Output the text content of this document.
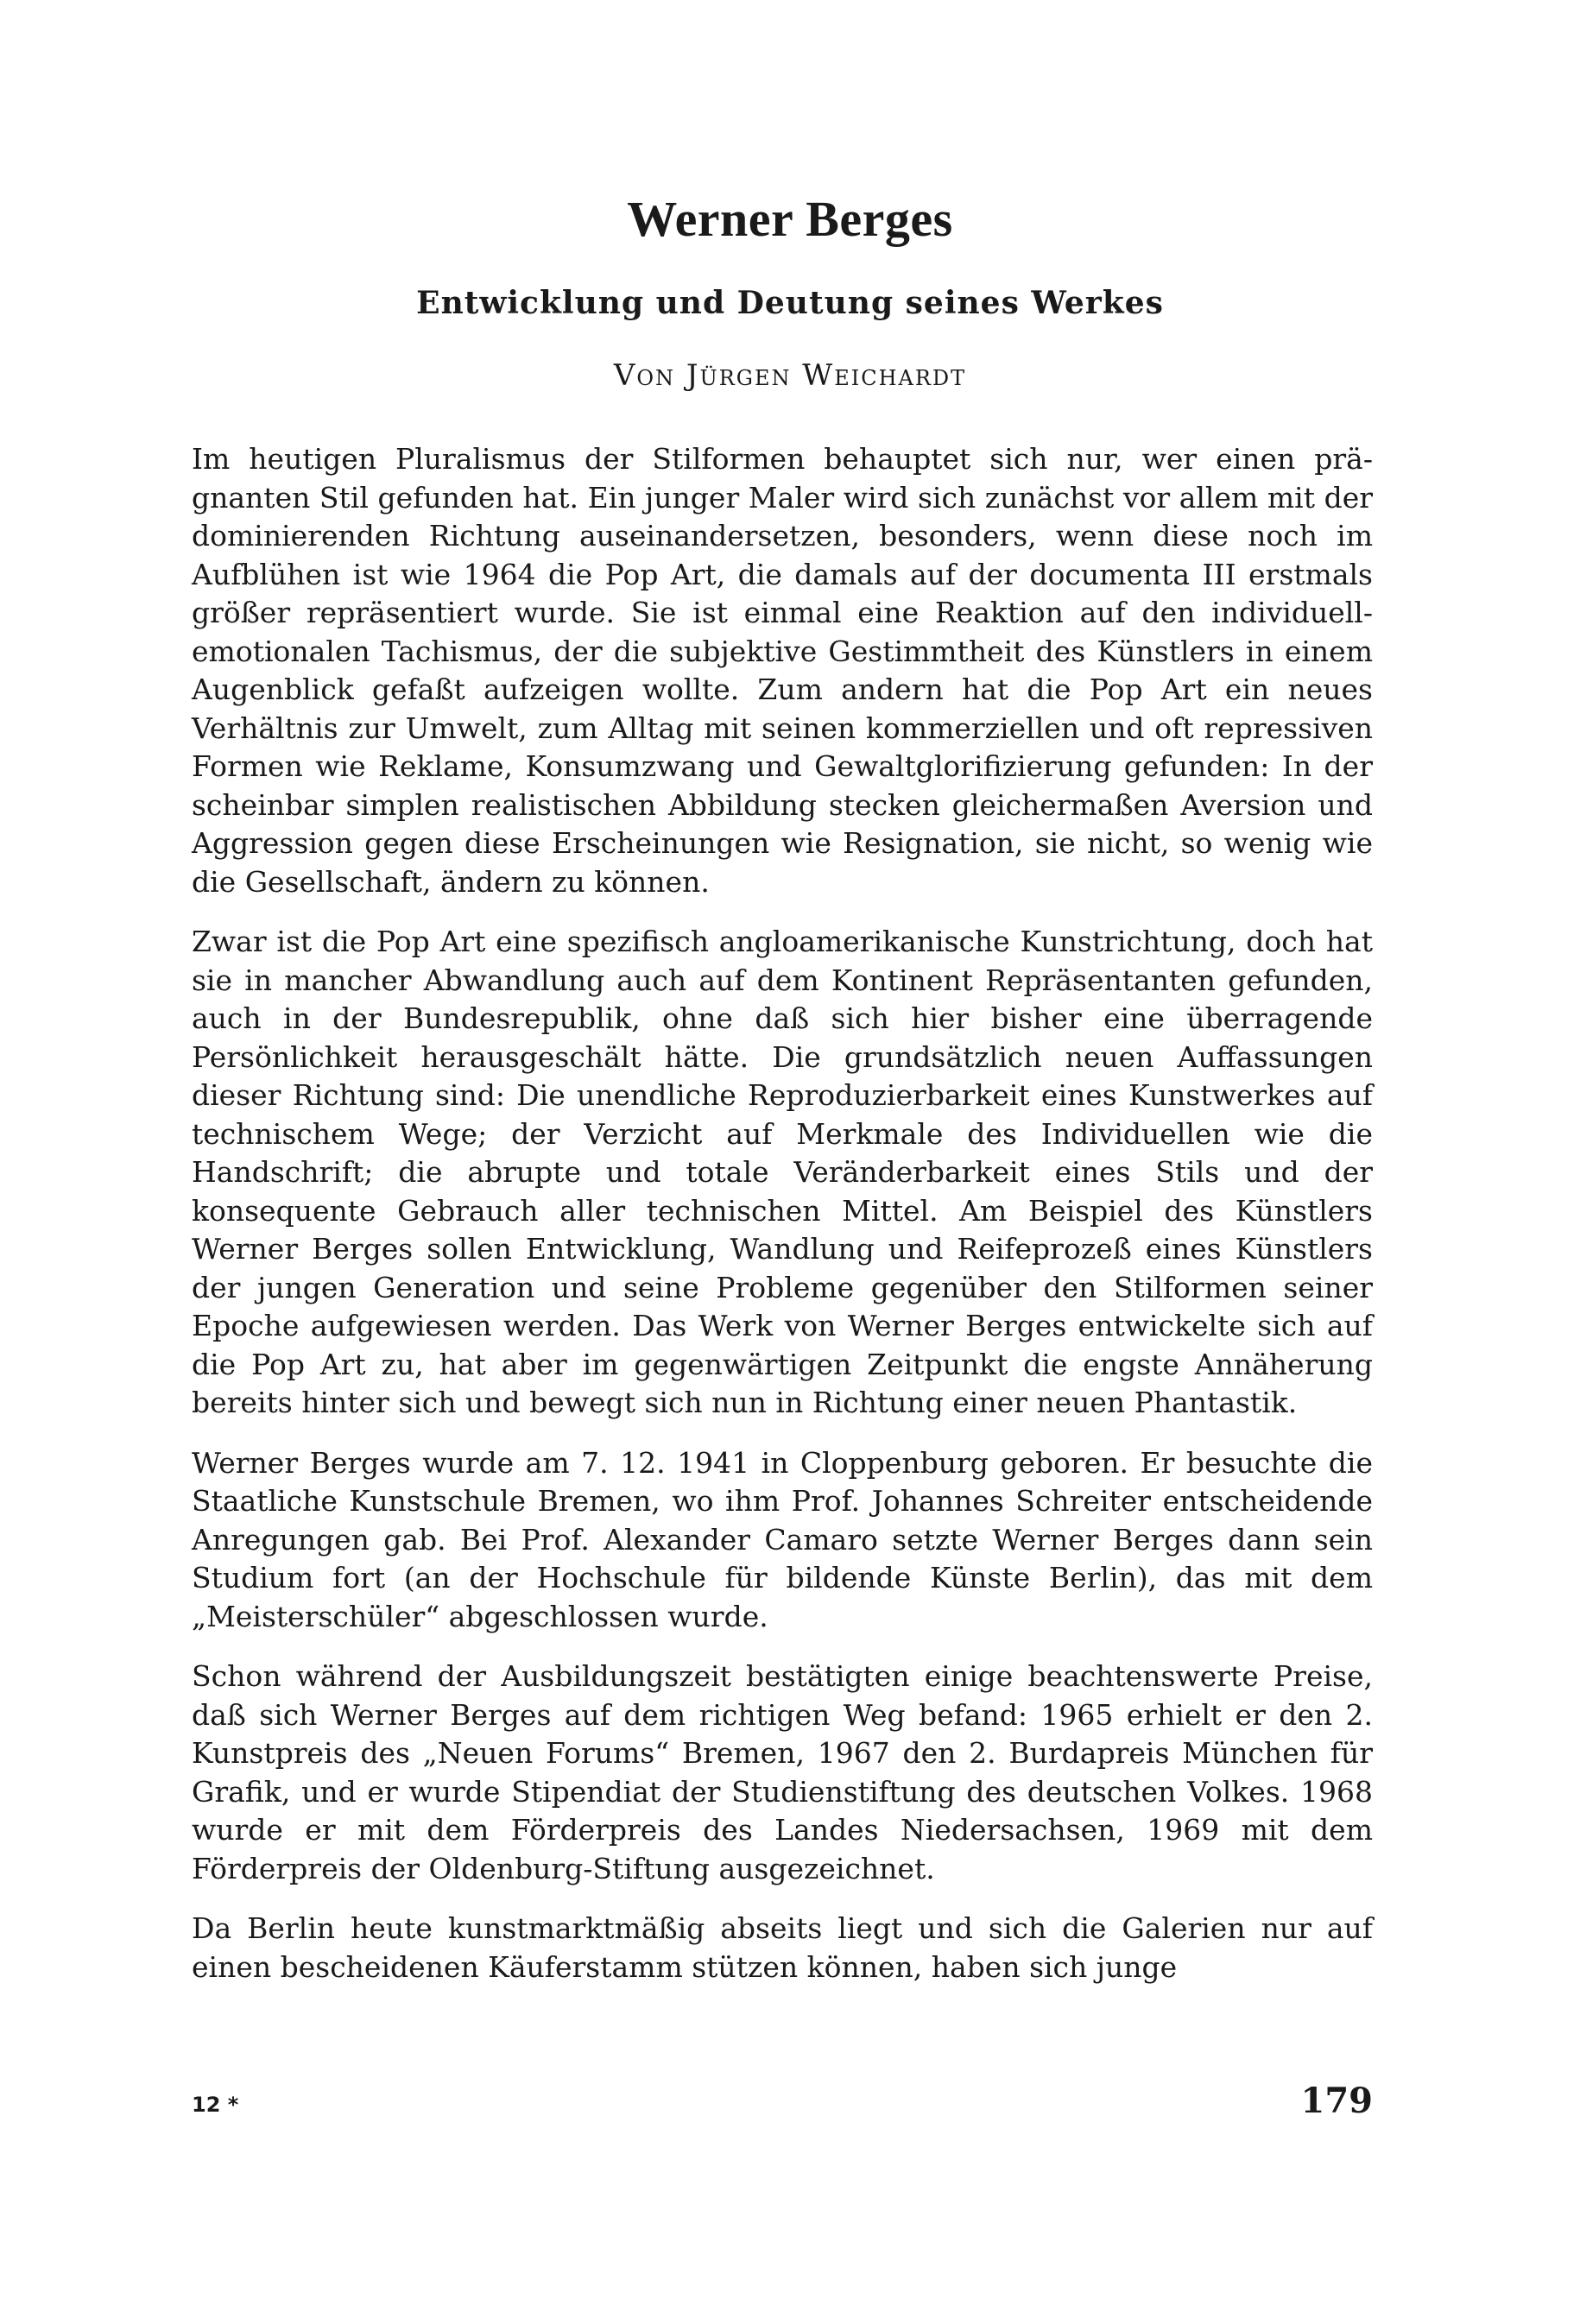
Werner Berges
Entwicklung und Deutung seines Werkes
Von Jürgen Weichardt

Im heutigen Pluralismus der Stilformen behauptet sich nur, wer einen prägnanten Stil gefunden hat. Ein junger Maler wird sich zunächst vor allem mit der dominierenden Richtung auseinandersetzen, besonders, wenn diese noch im Aufblühen ist wie 1964 die Pop Art, die damals auf der documenta III erstmals größer repräsentiert wurde. Sie ist einmal eine Reaktion auf den individuell-emotionalen Tachismus, der die subjektive Gestimmtheit des Künstlers in einem Augenblick gefaßt aufzeigen wollte. Zum andern hat die Pop Art ein neues Verhältnis zur Umwelt, zum Alltag mit seinen kommerziellen und oft repressiven Formen wie Reklame, Konsumzwang und Gewaltglorifizierung gefunden: In der scheinbar simplen realistischen Abbildung stecken gleichermaßen Aversion und Aggression gegen diese Erscheinungen wie Resignation, sie nicht, so wenig wie die Gesellschaft, ändern zu können.

Zwar ist die Pop Art eine spezifisch angloamerikanische Kunstrichtung, doch hat sie in mancher Abwandlung auch auf dem Kontinent Repräsentanten gefunden, auch in der Bundesrepublik, ohne daß sich hier bisher eine überragende Persönlichkeit herausgeschält hätte. Die grundsätzlich neuen Auffassungen dieser Richtung sind: Die unendliche Reproduzierbarkeit eines Kunstwerkes auf technischem Wege; der Verzicht auf Merkmale des Individuellen wie die Handschrift; die abrupte und totale Veränderbarkeit eines Stils und der konsequente Gebrauch aller technischen Mittel. Am Beispiel des Künstlers Werner Berges sollen Entwicklung, Wandlung und Reifeprozeß eines Künstlers der jungen Generation und seine Probleme gegenüber den Stilformen seiner Epoche aufgewiesen werden. Das Werk von Werner Berges entwickelte sich auf die Pop Art zu, hat aber im gegenwärtigen Zeitpunkt die engste Annäherung bereits hinter sich und bewegt sich nun in Richtung einer neuen Phantastik.

Werner Berges wurde am 7. 12. 1941 in Cloppenburg geboren. Er besuchte die Staatliche Kunstschule Bremen, wo ihm Prof. Johannes Schreiter entscheidende Anregungen gab. Bei Prof. Alexander Camaro setzte Werner Berges dann sein Studium fort (an der Hochschule für bildende Künste Berlin), das mit dem „Meisterschüler“ abgeschlossen wurde.

Schon während der Ausbildungszeit bestätigten einige beachtenswerte Preise, daß sich Werner Berges auf dem richtigen Weg befand: 1965 erhielt er den 2. Kunstpreis des „Neuen Forums“ Bremen, 1967 den 2. Burdapreis München für Grafik, und er wurde Stipendiat der Studienstiftung des deutschen Volkes. 1968 wurde er mit dem Förderpreis des Landes Niedersachsen, 1969 mit dem Förderpreis der Oldenburg-Stiftung ausgezeichnet.

Da Berlin heute kunstmarktmäßig abseits liegt und sich die Galerien nur auf einen bescheidenen Käuferstamm stützen können, haben sich junge

12 *	179
